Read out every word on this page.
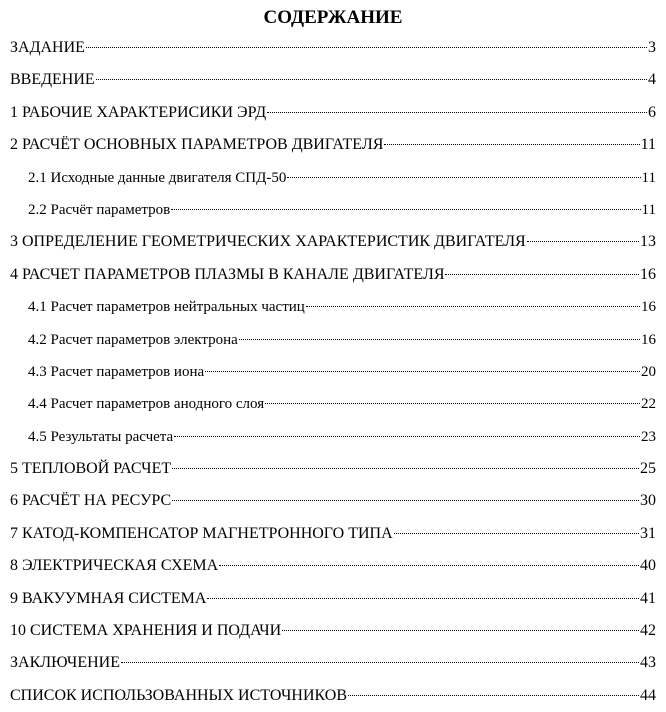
СОДЕРЖАНИЕ
ЗАДАНИЕ	3
ВВЕДЕНИЕ	4
1 РАБОЧИЕ ХАРАКТЕРИСИКИ ЭРД	6
2 РАСЧЁТ ОСНОВНЫХ ПАРАМЕТРОВ ДВИГАТЕЛЯ	11
2.1 Исходные данные двигателя СПД-50	11
2.2 Расчёт параметров	11
3 ОПРЕДЕЛЕНИЕ ГЕОМЕТРИЧЕСКИХ ХАРАКТЕРИСТИК ДВИГАТЕЛЯ	13
4 РАСЧЕТ ПАРАМЕТРОВ ПЛАЗМЫ В КАНАЛЕ ДВИГАТЕЛЯ	16
4.1 Расчет параметров нейтральных частиц	16
4.2 Расчет параметров электрона	16
4.3 Расчет параметров иона	20
4.4 Расчет параметров анодного слоя	22
4.5 Результаты расчета	23
5 ТЕПЛОВОЙ РАСЧЕТ	25
6 РАСЧЁТ НА РЕСУРС	30
7 КАТОД-КОМПЕНСАТОР МАГНЕТРОННОГО ТИПА	31
8 ЭЛЕКТРИЧЕСКАЯ СХЕМА	40
9 ВАКУУМНАЯ СИСТЕМА	41
10 СИСТЕМА ХРАНЕНИЯ И ПОДАЧИ	42
ЗАКЛЮЧЕНИЕ	43
СПИСОК ИСПОЛЬЗОВАННЫХ ИСТОЧНИКОВ	44
